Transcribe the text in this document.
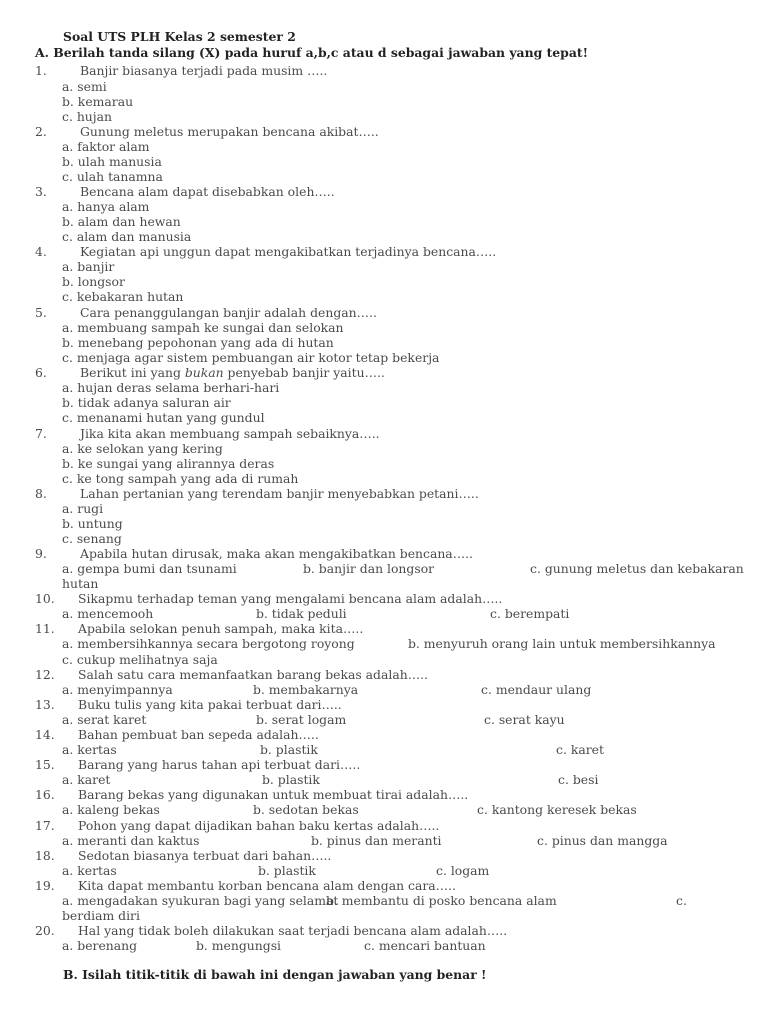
Soal UTS PLH Kelas 2 semester 2
A. Berilah tanda silang (X) pada huruf a,b,c atau d sebagai jawaban yang tepat!
1.	Banjir biasanya terjadi pada musim …..
a. semi
b. kemarau
c. hujan
2.	Gunung meletus merupakan bencana akibat…..
a. faktor alam
b. ulah manusia
c. ulah tanamna
3.	Bencana alam dapat disebabkan oleh…..
a. hanya alam
b. alam dan hewan
c. alam dan manusia
4.	Kegiatan api unggun dapat mengakibatkan terjadinya bencana…..
a. banjir
b. longsor
c. kebakaran hutan
5.	Cara penanggulangan banjir adalah dengan…..
a. membuang sampah ke sungai dan selokan
b. menebang pepohonan yang ada di hutan
c. menjaga agar sistem pembuangan air kotor tetap bekerja
6.	Berikut ini yang bukan penyebab banjir yaitu…..
a. hujan deras selama berhari-hari
b. tidak adanya saluran air
c. menanami hutan yang gundul
7.	Jika kita akan membuang sampah sebaiknya…..
a. ke selokan yang kering
b. ke sungai yang alirannya deras
c. ke tong sampah yang ada di rumah
8.	Lahan pertanian yang terendam banjir menyebabkan petani…..
a. rugi
b. untung
c. senang
9.	Apabila hutan dirusak, maka akan mengakibatkan bencana…..
a. gempa bumi dan tsunami	b. banjir dan longsor	c. gunung meletus dan kebakaran
hutan
10. Sikapmu terhadap teman yang mengalami bencana alam adalah…..
a. mencemooh	b. tidak peduli	c. berempati
11. Apabila selokan penuh sampah, maka kita…..
a. membersihkannya secara bergotong royong	b. menyuruh orang lain untuk membersihkannya
c. cukup melihatnya saja
12. Salah satu cara memanfaatkan barang bekas adalah…..
a. menyimpannya	b. membakarnya	c. mendaur ulang
13. Buku tulis yang kita pakai terbuat dari…..
a. serat karet	b. serat logam	c. serat kayu
14. Bahan pembuat ban sepeda adalah…..
a. kertas	b. plastik	c. karet
15. Barang yang harus tahan api terbuat dari…..
a. karet	b. plastik	c. besi
16. Barang bekas yang digunakan untuk membuat tirai adalah…..
a. kaleng bekas	b. sedotan bekas	c. kantong keresek bekas
17. Pohon yang dapat dijadikan bahan baku kertas adalah…..
a. meranti dan kaktus	b. pinus dan meranti	c. pinus dan mangga
18. Sedotan biasanya terbuat dari bahan…..
a. kertas	b. plastik	c. logam
19. Kita dapat membantu korban bencana alam dengan cara…..
a. mengadakan syukuran bagi yang selamat
b. membantu di posko bencana alam	c.
berdiam diri
20. Hal yang tidak boleh dilakukan saat terjadi bencana alam adalah…..
a. berenang	b. mengungsi	c. mencari bantuan
B. Isilah titik-titik di bawah ini dengan jawaban yang benar !
